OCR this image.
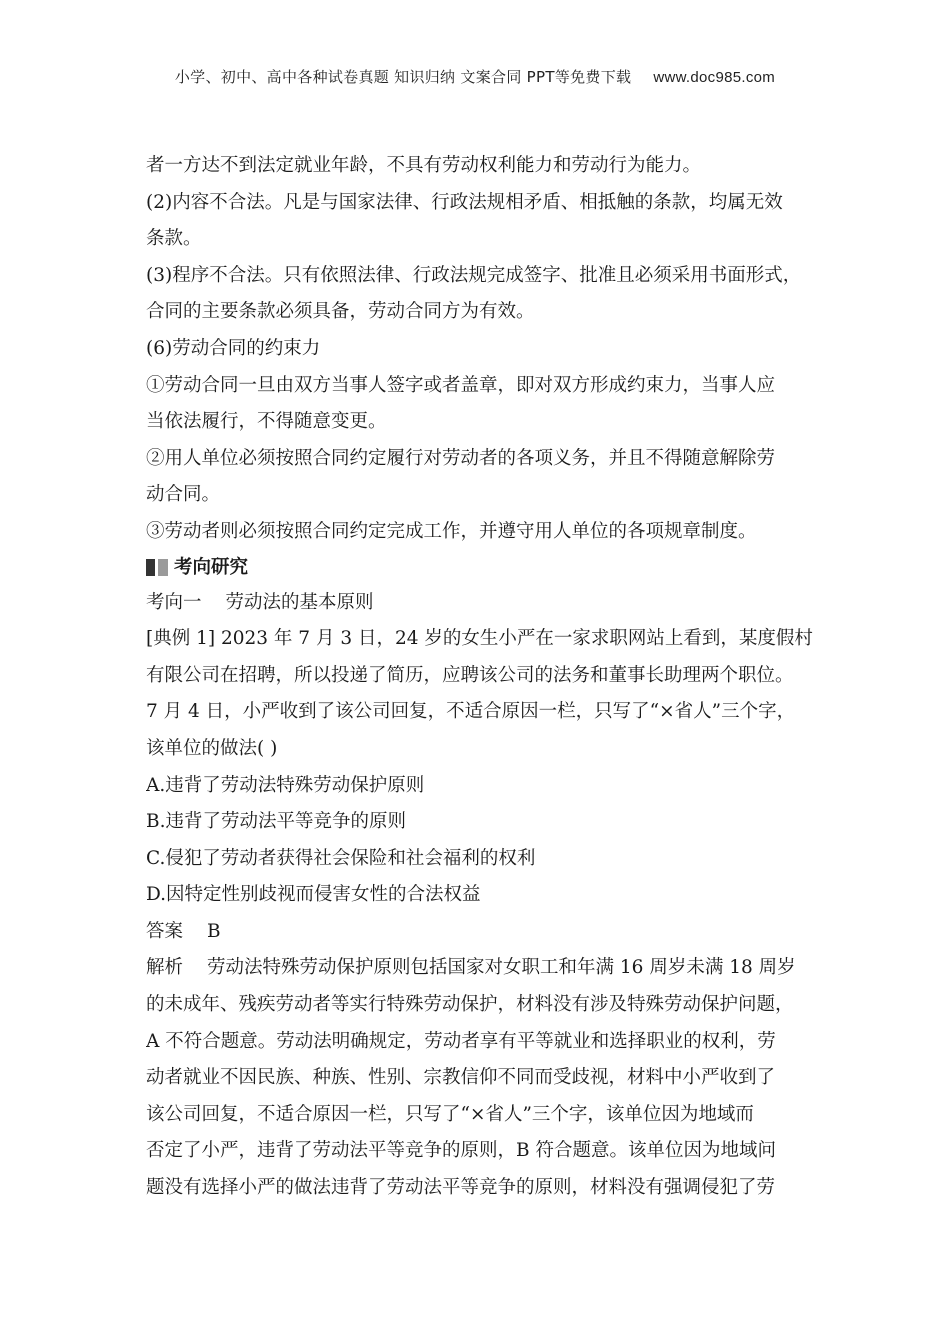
小学、初中、高中各种试卷真题 知识归纳 文案合同 PPT等免费下载 www.doc985.com
者一方达不到法定就业年龄，不具有劳动权利能力和劳动行为能力。
(2)内容不合法。凡是与国家法律、行政法规相矛盾、相抵触的条款，均属无效
条款。
(3)程序不合法。只有依照法律、行政法规完成签字、批准且必须采用书面形式，
合同的主要条款必须具备，劳动合同方为有效。
(6)劳动合同的约束力
①劳动合同一旦由双方当事人签字或者盖章，即对双方形成约束力，当事人应
当依法履行，不得随意变更。
②用人单位必须按照合同约定履行对劳动者的各项义务，并且不得随意解除劳
动合同。
③劳动者则必须按照合同约定完成工作，并遵守用人单位的各项规章制度。
考向研究
考向一 劳动法的基本原则
[典例 1] 2023 年 7 月 3 日，24 岁的女生小严在一家求职网站上看到，某度假村
有限公司在招聘，所以投递了简历，应聘该公司的法务和董事长助理两个职位。
7 月 4 日，小严收到了该公司回复，不适合原因一栏，只写了“×省人”三个字，
该单位的做法( )
A.违背了劳动法特殊劳动保护原则
B.违背了劳动法平等竞争的原则
C.侵犯了劳动者获得社会保险和社会福利的权利
D.因特定性别歧视而侵害女性的合法权益
答案 B
解析 劳动法特殊劳动保护原则包括国家对女职工和年满 16 周岁未满 18 周岁
的未成年、残疾劳动者等实行特殊劳动保护，材料没有涉及特殊劳动保护问题，
A 不符合题意。劳动法明确规定，劳动者享有平等就业和选择职业的权利，劳
动者就业不因民族、种族、性别、宗教信仰不同而受歧视，材料中小严收到了
该公司回复，不适合原因一栏，只写了“×省人”三个字，该单位因为地域而
否定了小严，违背了劳动法平等竞争的原则，B 符合题意。该单位因为地域问
题没有选择小严的做法违背了劳动法平等竞争的原则，材料没有强调侵犯了劳
